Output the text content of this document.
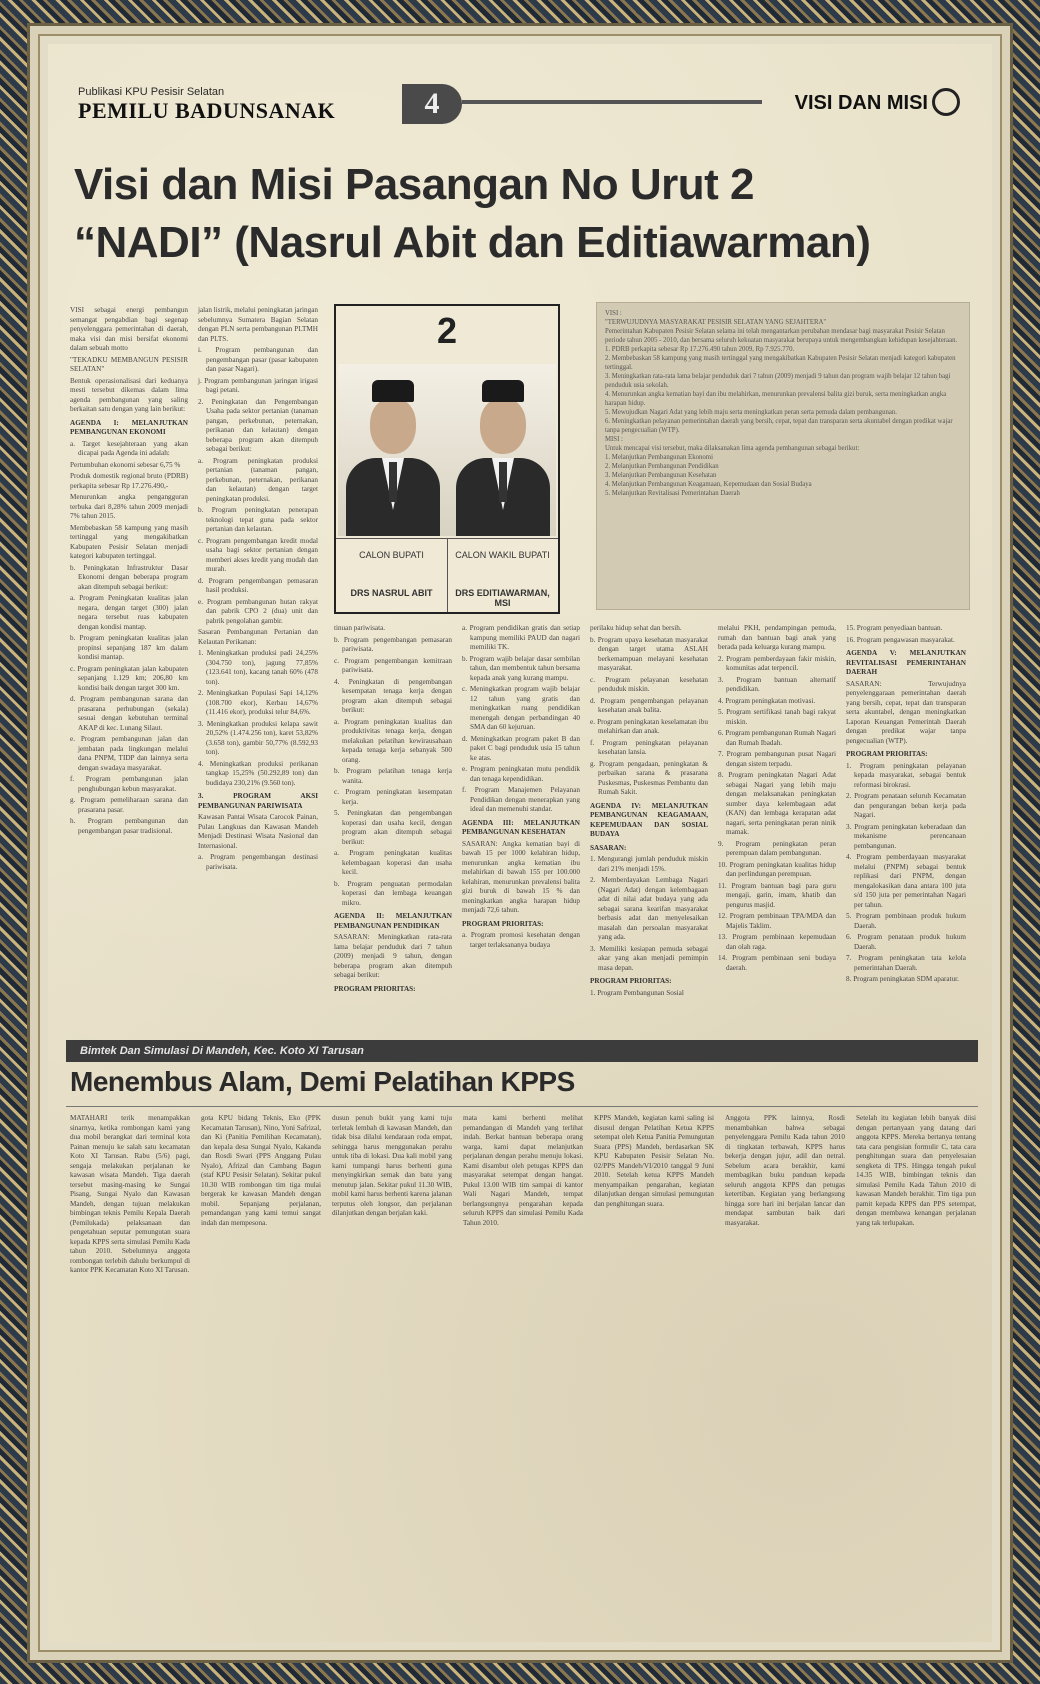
Publikasi KPU Pesisir Selatan
PEMILU BADUNSANAK	4	VISI DAN MISI
Visi dan Misi Pasangan No Urut 2
“NADI” (Nasrul Abit dan Editiawarman)

VISI sebagai energi pembangun semangat pengabdian bagi segenap penyelenggara pemerintahan di daerah, maka visi dan misi bersifat ekonomi dalam sebuah motto

"TEKADKU MEMBANGUN PESISIR SELATAN"

Bentuk operasionalisasi dari keduanya mesti tersebut dikemas dalam lima agenda pembangunan yang saling berkaitan satu dengan yang lain berikut:

AGENDA I: MELANJUTKAN PEMBANGUNAN EKONOMI

a. Target kesejahteraan yang akan dicapai pada Agenda ini adalah:

Pertumbuhan ekonomi sebesar 6,75 %

Produk domestik regional bruto (PDRB) perkapita sebesar Rp 17.276.490,-

Menurunkan angka pengangguran terbuka dari 8,28% tahun 2009 menjadi 7% tahun 2015.

Membebaskan 58 kampung yang masih tertinggal yang mengakibatkan Kabupaten Pesisir Selatan menjadi kategori kabupaten tertinggal.

b. Peningkatan Infrastruktur Dasar Ekonomi dengan beberapa program akan ditempuh sebagai berikut:

a. Program Peningkatan kualitas jalan negara, dengan target (300) jalan negara tersebut ruas kabupaten dengan kondisi mantap.

b. Program peningkatan kualitas jalan propinsi sepanjang 187 km dalam kondisi mantap.

c. Program peningkatan jalan kabupaten sepanjang 1.129 km; 206,80 km kondisi baik dengan target 300 km.

d. Program pembangunan sarana dan prasarana perhubungan (sekala) sesuai dengan kebutuhan terminal AKAP di kec. Lunang Silaut.

e. Program pembangunan jalan dan jembatan pada lingkungan melalui dana PNPM, TIDP dan lainnya serta dengan swadaya masyarakat.

f. Program pembangunan jalan penghubungan kebun masyarakat.

g. Program pemeliharaan sarana dan prasarana pasar.

h. Program pembangunan dan pengembangan pasar tradisional.

jalan listrik, melalui peningkatan jaringan sebelumnya Sumatera Bagian Selatan dengan PLN serta pembangunan PLTMH dan PLTS.

i. Program pembangunan dan pengembangan pasar (pasar kabupaten dan pasar Nagari).

j. Program pembangunan jaringan irigasi bagi petani.

2. Peningkatan dan Pengembangan Usaha pada sektor pertanian (tanaman pangan, perkebunan, peternakan, perikanan dan kelautan) dengan beberapa program akan ditempuh sebagai berikut:

a. Program peningkatan produksi pertanian (tanaman pangan, perkebunan, peternakan, perikanan dan kelautan) dengan target peningkatan produksi.

b. Program peningkatan penerapan teknologi tepat guna pada sektor pertanian dan kelautan.

c. Program pengembangan kredit modal usaha bagi sektor pertanian dengan memberi akses kredit yang mudah dan murah.

d. Program pengembangan pemasaran hasil produksi.

e. Program pembangunan hutan rakyat dan pabrik CPO 2 (dua) unit dan pabrik pengolahan gambir.

Sasaran Pembangunan Pertanian dan Kelautan Perikanan:

1. Meningkatkan produksi padi 24,25% (304.750 ton), jagung 77,85% (123.641 ton), kacang tanah 60% (478 ton).

2. Meningkatkan Populasi Sapi 14,12% (108.700 ekor), Kerbau 14,67% (11.416 ekor), produksi telur 84,6%.

3. Meningkatkan produksi kelapa sawit 20,52% (1.474.256 ton), karet 53,82% (3.658 ton), gambir 50,77% (8.592,93 ton).

4. Meningkatkan produksi perikanan tangkap 15,25% (50.292,89 ton) dan budidaya 230,21% (9.560 ton).

3. PROGRAM AKSI PEMBANGUNAN PARIWISATA

Kawasan Pantai Wisata Carocok Painan, Pulau Langkuas dan Kawasan Mandeh Menjadi Destinasi Wisata Nasional dan Internasional.

a. Program pengembangan destinasi pariwisata.

2
CALON BUPATI	CALON WAKIL BUPATI
DRS NASRUL ABIT	DRS EDITIAWARMAN, MSI

VISI :

"TERWUJUDNYA MASYARAKAT PESISIR SELATAN YANG SEJAHTERA"

Pemerintahan Kabupaten Pesisir Selatan selama ini telah mengantarkan perubahan mendasar bagi masyarakat Pesisir Selatan periode tahun 2005 - 2010, dan bersama seluruh kekuatan masyarakat berupaya untuk mengembangkan kehidupan kesejahteraan.

1. PDRB perkapita sebesar Rp 17.276.490 tahun 2009, Rp 7.925.770.

2. Membebaskan 58 kampung yang masih tertinggal yang mengakibatkan Kabupaten Pesisir Selatan menjadi kategori kabupaten tertinggal.

3. Meningkatkan rata-rata lama belajar penduduk dari 7 tahun (2009) menjadi 9 tahun dan program wajib belajar 12 tahun bagi penduduk usia sekolah.

4. Menurunkan angka kematian bayi dan ibu melahirkan, menurunkan prevalensi balita gizi buruk, serta meningkatkan angka harapan hidup.

5. Mewujudkan Nagari Adat yang lebih maju serta meningkatkan peran serta pemuda dalam pembangunan.

6. Meningkatkan pelayanan pemerintahan daerah yang bersih, cepat, tepat dan transparan serta akuntabel dengan predikat wajar tanpa pengecualian (WTP).

MISI :

Untuk mencapai visi tersebut, maka dilaksanakan lima agenda pembangunan sebagai berikut:

1. Melanjutkan Pembangunan Ekonomi

2. Melanjutkan Pembangunan Pendidikan

3. Melanjutkan Pembangunan Kesehatan

4. Melanjutkan Pembangunan Keagamaan, Kepemudaan dan Sosial Budaya

5. Melanjutkan Revitalisasi Pemerintahan Daerah

tinuan pariwisata.

b. Program pengembangan pemasaran pariwisata.

c. Program pengembangan kemitraan pariwisata.

4. Peningkatan di pengembangan kesempatan tenaga kerja dengan program akan ditempuh sebagai berikut:

a. Program peningkatan kualitas dan produktivitas tenaga kerja, dengan melakukan pelatihan kewirausahaan kepada tenaga kerja sebanyak 500 orang.

b. Program pelatihan tenaga kerja wanita.

c. Program peningkatan kesempatan kerja.

5. Peningkatan dan pengembangan koperasi dan usaha kecil, dengan program akan ditempuh sebagai berikut:

a. Program peningkatan kualitas kelembagaan koperasi dan usaha kecil.

b. Program penguatan permodalan koperasi dan lembaga keuangan mikro.

AGENDA II: MELANJUTKAN PEMBANGUNAN PENDIDIKAN

SASARAN: Meningkatkan rata-rata lama belajar penduduk dari 7 tahun (2009) menjadi 9 tahun, dengan beberapa program akan ditempuh sebagai berikut:

PROGRAM PRIORITAS:

a. Program pendidikan gratis dan setiap kampung memiliki PAUD dan nagari memiliki TK.

b. Program wajib belajar dasar sembilan tahun, dan membentuk tahun bersama kepada anak yang kurang mampu.

c. Meningkatkan program wajib belajar 12 tahun yang gratis dan meningkatkan ruang pendidikan menengah dengan perbandingan 40 SMA dan 60 kejuruan.

d. Meningkatkan program paket B dan paket C bagi penduduk usia 15 tahun ke atas.

e. Program peningkatan mutu pendidik dan tenaga kependidikan.

f. Program Manajemen Pelayanan Pendidikan dengan menerapkan yang ideal dan memenuhi standar.

AGENDA III: MELANJUTKAN PEMBANGUNAN KESEHATAN

SASARAN: Angka kematian bayi di bawah 15 per 1000 kelahiran hidup, menurunkan angka kematian ibu melahirkan di bawah 155 per 100.000 kelahiran, menurunkan prevalensi balita gizi buruk di bawah 15 % dan meningkatkan angka harapan hidup menjadi 72,6 tahun.

PROGRAM PRIORITAS:

a. Program promosi kesehatan dengan target terlaksananya budaya

perilaku hidup sehat dan bersih.

b. Program upaya kesehatan masyarakat dengan target utama ASLAH berkemampuan melayani kesehatan masyarakat.

c. Program pelayanan kesehatan penduduk miskin.

d. Program pengembangan pelayanan kesehatan anak balita.

e. Program peningkatan keselamatan ibu melahirkan dan anak.

f. Program peningkatan pelayanan kesehatan lansia.

g. Program pengadaan, peningkatan & perbaikan sarana & prasarana Puskesmas, Puskesmas Pembantu dan Rumah Sakit.

AGENDA IV: MELANJUTKAN PEMBANGUNAN KEAGAMAAN, KEPEMUDAAN DAN SOSIAL BUDAYA

SASARAN:

1. Mengurangi jumlah penduduk miskin dari 21% menjadi 15%.

2. Memberdayakan Lembaga Nagari (Nagari Adat) dengan kelembagaan adat di nilai adat budaya yang ada sebagai sarana kearifan masyarakat berbasis adat dan menyelesaikan masalah dan persoalan masyarakat yang ada.

3. Memiliki kesiapan pemuda sebagai akar yang akan menjadi pemimpin masa depan.

PROGRAM PRIORITAS:

1. Program Pembangunan Sosial

melalui PKH, pendampingan pemuda, rumah dan bantuan bagi anak yang berada pada keluarga kurang mampu.

2. Program pemberdayaan fakir miskin, komunitas adat terpencil.

3. Program bantuan alternatif pendidikan.

4. Program peningkatan motivasi.

5. Program sertifikasi tanah bagi rakyat miskin.

6. Program pembangunan Rumah Nagari dan Rumah Ibadah.

7. Program pembangunan pusat Nagari dengan sistem terpadu.

8. Program peningkatan Nagari Adat sebagai Nagari yang lebih maju dengan melaksanakan peningkatan sumber daya kelembagaan adat (KAN) dan lembaga kerapatan adat nagari, serta peningkatan peran ninik mamak.

9. Program peningkatan peran perempuan dalam pembangunan.

10. Program peningkatan kualitas hidup dan perlindungan perempuan.

11. Program bantuan bagi para guru mengaji, garin, imam, khatib dan pengurus masjid.

12. Program pembinaan TPA/MDA dan Majelis Taklim.

13. Program pembinaan kepemudaan dan olah raga.

14. Program pembinaan seni budaya daerah.

15. Program penyediaan bantuan.

16. Program pengawasan masyarakat.

AGENDA V: MELANJUTKAN REVITALISASI PEMERINTAHAN DAERAH

SASARAN: Terwujudnya penyelenggaraan pemerintahan daerah yang bersih, cepat, tepat dan transparan serta akuntabel, dengan meningkatkan Laporan Keuangan Pemerintah Daerah dengan predikat wajar tanpa pengecualian (WTP).

PROGRAM PRIORITAS:

1. Program peningkatan pelayanan kepada masyarakat, sebagai bentuk reformasi birokrasi.

2. Program penataan seluruh Kecamatan dan pengurangan beban kerja pada Nagari.

3. Program peningkatan keberadaan dan mekanisme perencanaan pembangunan.

4. Program pemberdayaan masyarakat melalui (PNPM) sebagai bentuk replikasi dari PNPM, dengan mengalokasikan dana antara 100 juta s/d 150 juta per pemerintahan Nagari per tahun.

5. Program pembinaan produk hukum Daerah.

6. Program penataan produk hukum Daerah.

7. Program peningkatan tata kelola pemerintahan Daerah.

8. Program peningkatan SDM aparatur.

Bimtek Dan Simulasi Di Mandeh, Kec. Koto XI Tarusan
Menembus Alam, Demi Pelatihan KPPS

MATAHARI terik menampakkan sinarnya, ketika rombongan kami yang dua mobil berangkat dari terminal kota Painan menuju ke salah satu kecamatan Koto XI Tarusan. Rabu (5/6) pagi, sengaja melakukan perjalanan ke kawasan wisata Mandeh. Tiga daerah tersebut masing-masing ke Sungai Pisang, Sungai Nyalo dan Kawasan Mandeh, dengan tujuan melakukan bimbingan teknis Pemilu Kepala Daerah (Pemilukada) pelaksanaan dan pengetahuan seputar pemungutan suara kepada KPPS serta simulasi Pemilu Kada tahun 2010. Sebelumnya anggota rombongan terlebih dahulu berkumpul di kantor PPK Kecamatan Koto XI Tarusan.

gota KPU bidang Teknis, Eko (PPK Kecamatan Tarusan), Nino, Yoni Safrizal, dan Ki (Panitia Pemilihan Kecamatan), dan kepala desa Sungai Nyalo, Kakanda dan Rosdi Swari (PPS Anggang Pulau Nyalo), Afrizal dan Cambang Bagun (staf KPU Pesisir Selatan). Sekitar pukul 10.30 WIB rombongan tim tiga mulai bergerak ke kawasan Mandeh dengan mobil. Sepanjang perjalanan, pemandangan yang kami temui sangat indah dan mempesona.

dusun penuh bukit yang kami tuju terletak lembah di kawasan Mandeh, dan tidak bisa dilalui kendaraan roda empat, sehingga harus menggunakan perahu untuk tiba di lokasi. Dua kali mobil yang kami tumpangi harus berhenti guna menyingkirkan semak dan batu yang menutup jalan. Sekitar pukul 11.30 WIB, mobil kami harus berhenti karena jalanan terputus oleh longsor, dan perjalanan dilanjutkan dengan berjalan kaki.

mata kami berhenti melihat pemandangan di Mandeh yang terlihat indah. Berkat bantuan beberapa orang warga, kami dapat melanjutkan perjalanan dengan perahu menuju lokasi. Kami disambut oleh petugas KPPS dan masyarakat setempat dengan hangat. Pukul 13.00 WIB tim sampai di kantor Wali Nagari Mandeh, tempat berlangsungnya pengarahan kepada seluruh KPPS dan simulasi Pemilu Kada Tahun 2010.

KPPS Mandeh, kegiatan kami saling isi disusul dengan Pelatihan Ketua KPPS setempat oleh Ketua Panitia Pemungutan Suara (PPS) Mandeh, berdasarkan SK KPU Kabupaten Pesisir Selatan No. 02/PPS Mandeh/VI/2010 tanggal 9 Juni 2010. Setelah ketua KPPS Mandeh menyampaikan pengarahan, kegiatan dilanjutkan dengan simulasi pemungutan dan penghitungan suara.

Anggota PPK lainnya, Rosdi menambahkan bahwa sebagai penyelenggara Pemilu Kada tahun 2010 di tingkatan terbawah, KPPS harus bekerja dengan jujur, adil dan netral. Sebelum acara berakhir, kami membagikan buku panduan kepada seluruh anggota KPPS dan petugas ketertiban. Kegiatan yang berlangsung hingga sore hari ini berjalan lancar dan mendapat sambutan baik dari masyarakat.

Setelah itu kegiatan lebih banyak diisi dengan pertanyaan yang datang dari anggota KPPS. Mereka bertanya tentang tata cara pengisian formulir C, tata cara penghitungan suara dan penyelesaian sengketa di TPS. Hingga tengah pukul 14.35 WIB, bimbingan teknis dan simulasi Pemilu Kada Tahun 2010 di kawasan Mandeh berakhir. Tim tiga pun pamit kepada KPPS dan PPS setempat, dengan membawa kenangan perjalanan yang tak terlupakan.
